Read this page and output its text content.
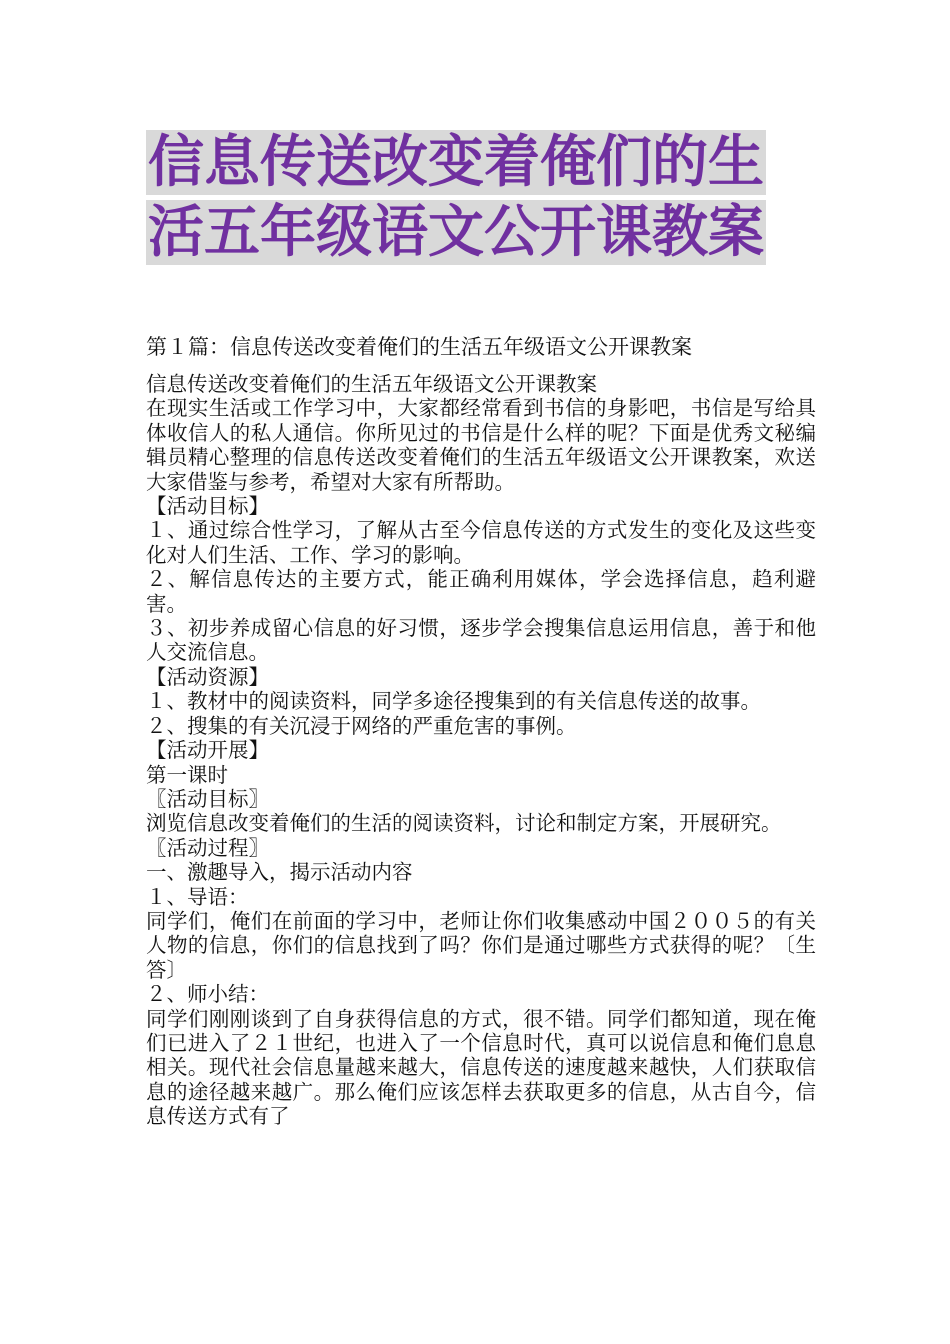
信息传送改变着俺们的生活五年级语文公开课教案
第１篇：信息传送改变着俺们的生活五年级语文公开课教案

信息传送改变着俺们的生活五年级语文公开课教案

在现实生活或工作学习中，大家都经常看到书信的身影吧，书信是写给具体收信人的私人通信。你所见过的书信是什么样的呢？下面是优秀文秘编辑员精心整理的信息传送改变着俺们的生活五年级语文公开课教案，欢送大家借鉴与参考，希望对大家有所帮助。

【活动目标】

１、通过综合性学习，了解从古至今信息传送的方式发生的变化及这些变化对人们生活、工作、学习的影响。

２、解信息传达的主要方式，能正确利用媒体，学会选择信息，趋利避害。

３、初步养成留心信息的好习惯，逐步学会搜集信息运用信息，善于和他人交流信息。

【活动资源】

１、教材中的阅读资料，同学多途径搜集到的有关信息传送的故事。

２、搜集的有关沉浸于网络的严重危害的事例。

【活动开展】

第一课时

〖活动目标〗

浏览信息改变着俺们的生活的阅读资料，讨论和制定方案，开展研究。

〖活动过程〗

一、激趣导入，揭示活动内容

１、导语：

同学们，俺们在前面的学习中，老师让你们收集感动中国２００５的有关人物的信息，你们的信息找到了吗？你们是通过哪些方式获得的呢？〔生答〕

２、师小结：

同学们刚刚谈到了自身获得信息的方式，很不错。同学们都知道，现在俺们已进入了２１世纪，也进入了一个信息时代，真可以说信息和俺们息息相关。现代社会信息量越来越大，信息传送的速度越来越快，人们获取信息的途径越来越广。那么俺们应该怎样去获取更多的信息，从古自今，信息传送方式有了
